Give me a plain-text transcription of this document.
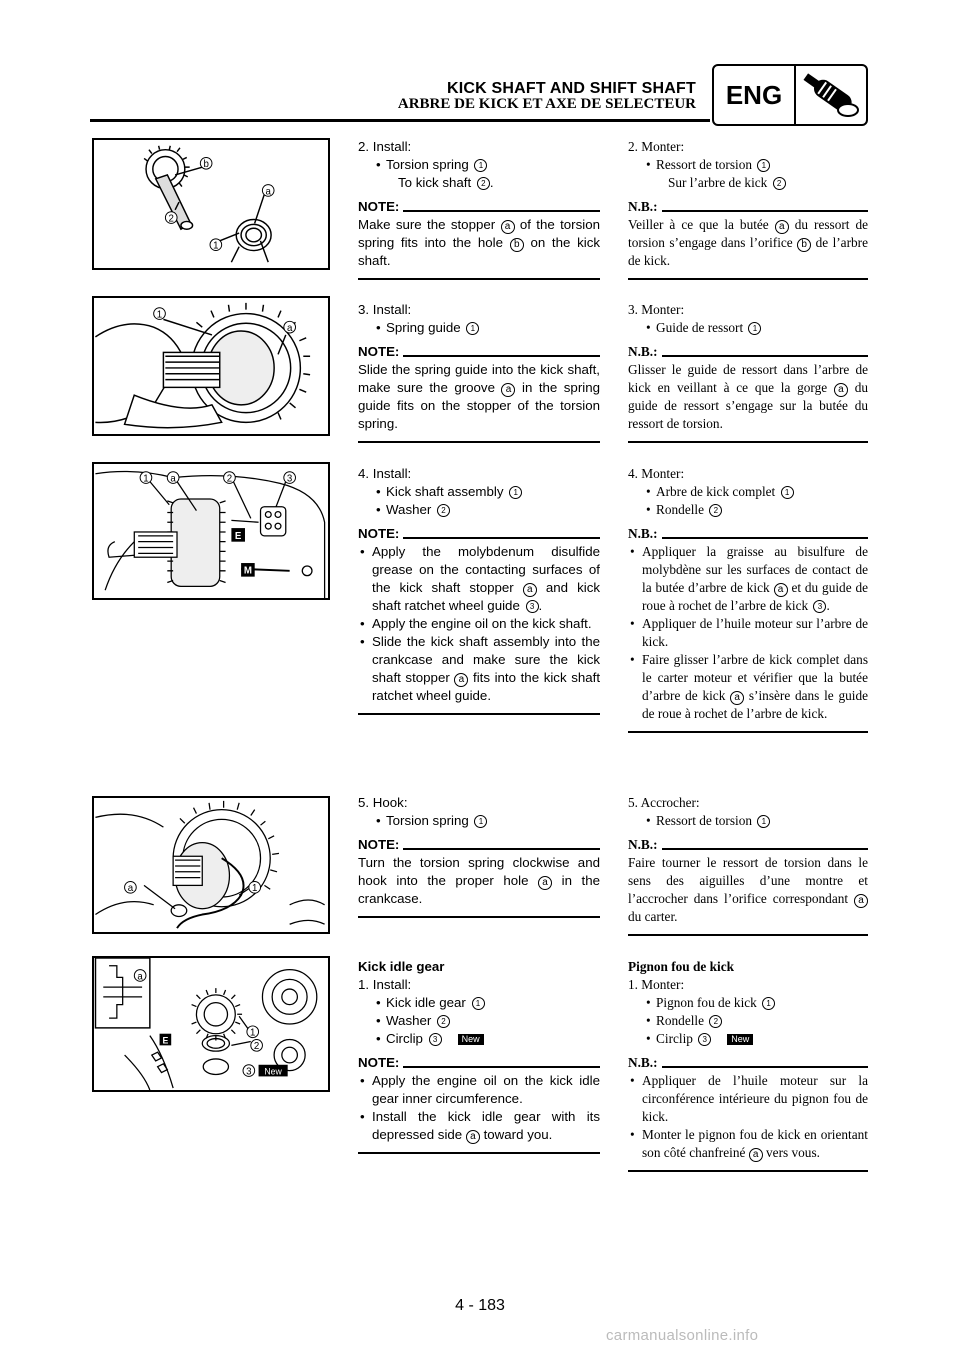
KICK SHAFT AND SHIFT SHAFT
ARBRE DE KICK ET AXE DE SELECTEUR	ENG
b
a
2
1
1
a
E
M
1 a	2	3
a	1
E
New
a
1
2
3
2. Install:
• Torsion spring 1
To kick shaft 2 .
NOTE:
Make sure the stopper a of the torsion spring fits into the hole b on the kick shaft.
2. Monter:
• Ressort de torsion 1
Sur l’arbre de kick 2
N.B.:
Veiller à ce que la butée a du ressort de torsion s’engage dans l’orifice b de l’arbre de kick.
3. Install:
• Spring guide 1
NOTE:
Slide the spring guide into the kick shaft, make sure the groove a in the spring guide fits on the stopper of the torsion spring.
3. Monter:
• Guide de ressort 1
N.B.:
Glisser le guide de ressort dans l’arbre de kick en veillant à ce que la gorge a du guide de ressort s’engage sur la butée du ressort de torsion.
4. Install:
• Kick shaft assembly 1
• Washer 2
NOTE:
• Apply the molybdenum disulfide grease on the contacting surfaces of the kick shaft stopper a and kick shaft ratchet wheel guide 3 .
• Apply the engine oil on the kick shaft.
• Slide the kick shaft assembly into the crankcase and make sure the kick shaft stopper a fits into the kick shaft ratchet wheel guide.
4. Monter:
• Arbre de kick complet 1
• Rondelle 2
N.B.:
• Appliquer la graisse au bisulfure de molybdène sur les surfaces de contact de la butée d’arbre de kick a et du guide de roue à rochet de l’arbre de kick 3 .
• Appliquer de l’huile moteur sur l’arbre de kick.
• Faire glisser l’arbre de kick complet dans le carter moteur et vérifier que la butée d’arbre de kick a s’insère dans le guide de roue à rochet de l’arbre de kick.
5. Hook:
• Torsion spring 1
NOTE:
Turn the torsion spring clockwise and hook into the proper hole a in the crankcase.
5. Accrocher:
• Ressort de torsion 1
N.B.:
Faire tourner le ressort de torsion dans le sens des aiguilles d’une montre et l’accrocher dans l’orifice correspondant a du carter.
Kick idle gear
1. Install:
• Kick idle gear 1
• Washer 2
• Circlip 3	New
NOTE:
• Apply the engine oil on the kick idle gear inner circumference.
• Install the kick idle gear with its depressed side a toward you.
Pignon fou de kick
1. Monter:
• Pignon fou de kick 1
• Rondelle 2
• Circlip 3	New
N.B.:
• Appliquer de l’huile moteur sur la circonférence intérieure du pignon fou de kick.
• Monter le pignon fou de kick en orientant son côté chanfreiné a vers vous.
4 - 183
carmanualsonline.info
